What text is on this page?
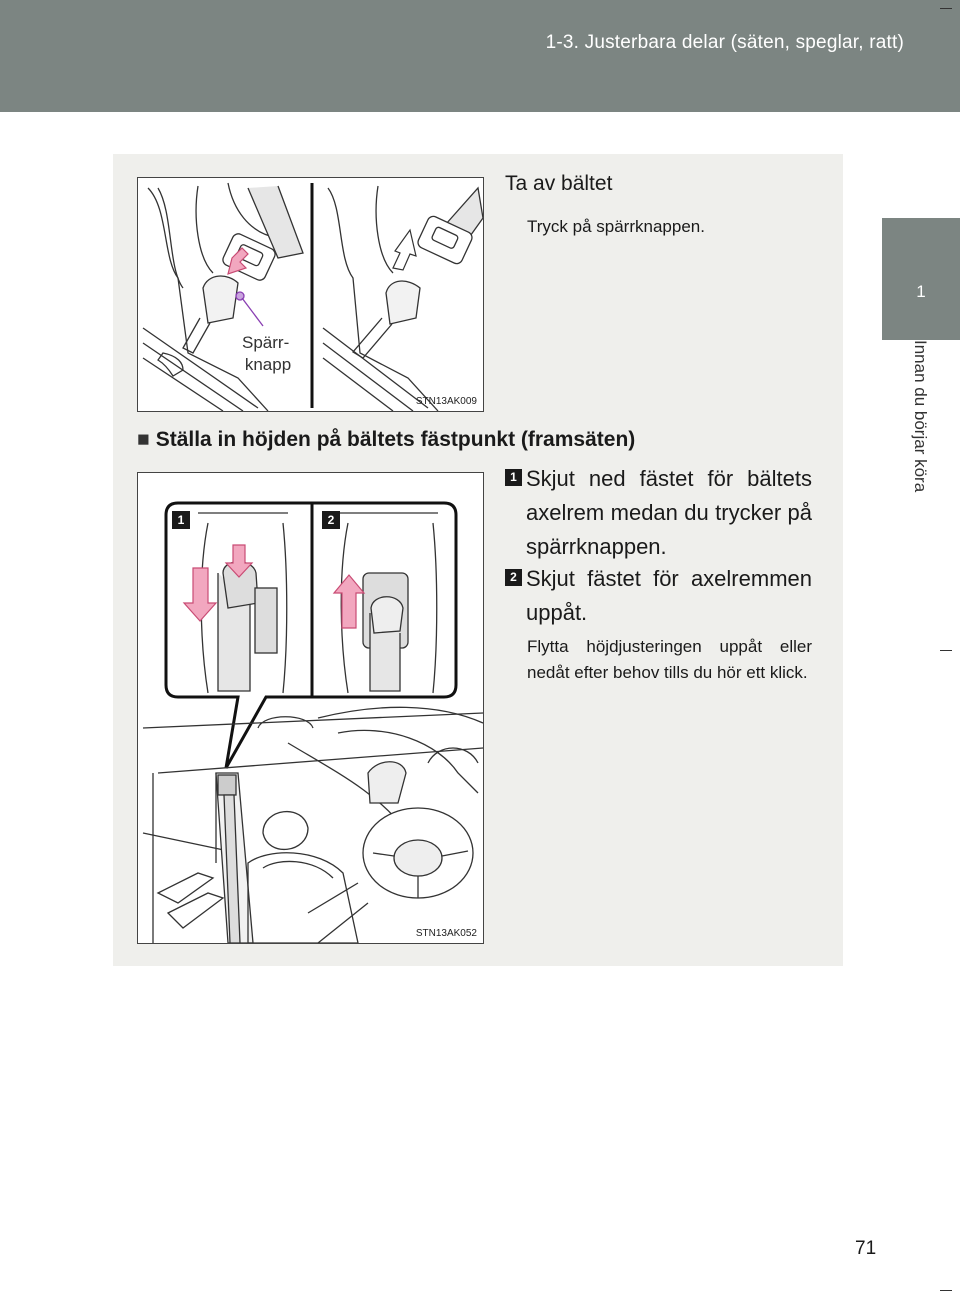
1-3. Justerbara delar (säten, speglar, ratt)
1
Innan du börjar köra
Spärr- knapp
STN13AK009
Ta av bältet
Tryck på spärrknappen.
■ Ställa in höjden på bältets fästpunkt (framsäten)
1	2
STN13AK052
1 Skjut ned fästet för bältets axelrem medan du trycker på spärrknappen.
2 Skjut fästet för axelremmen uppåt.
Flytta höjdjusteringen uppåt eller nedåt efter behov tills du hör ett klick.
71
